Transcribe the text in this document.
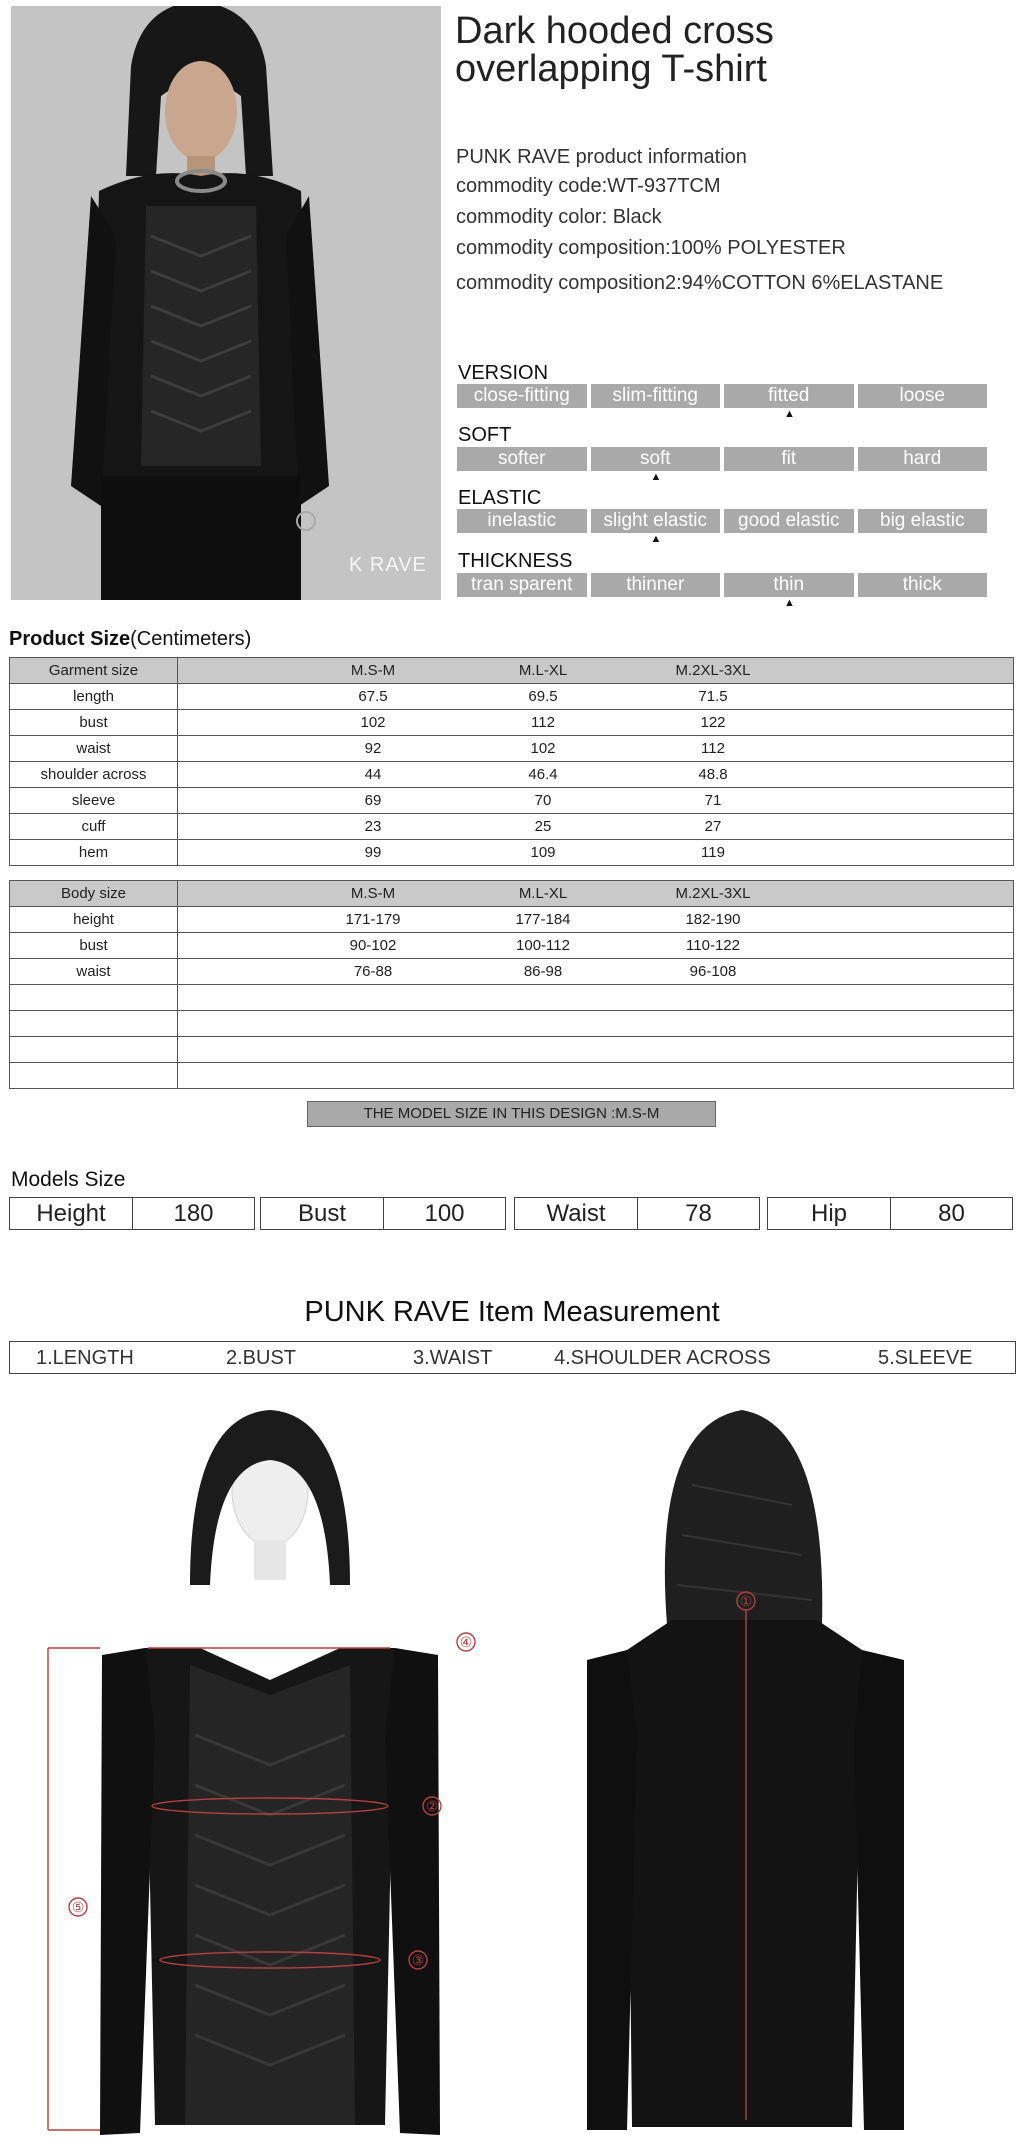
K RAVE
Dark hooded cross
overlapping T-shirt
PUNK RAVE product information
commodity code:WT-937TCM
commodity color: Black
commodity composition:100% POLYESTER
commodity composition2:94%COTTON 6%ELASTANE
VERSION
close-fitting	slim-fitting	fitted	loose
▲
SOFT
softer	soft	fit	hard
▲
ELASTIC
inelastic	slight elastic	good elastic	big elastic
▲
THICKNESS
tran sparent	thinner	thin	thick
▲
Product Size(Centimeters)
Garment size	M.S-M M.L-XL M.2XL-3XL

length	67.5 69.5 71.5

bust	102 112 122

waist	92 102 112

shoulder across	44 46.4 48.8

sleeve	69 70 71

cuff	23 25 27

hem	99 109 119
Body size	M.S-M M.L-XL M.2XL-3XL

height	171-179 177-184 182-190

bust	90-102 100-112 110-122

waist	76-88 86-98 96-108

THE MODEL SIZE IN THIS DESIGN :M.S-M
Models Size
Height	180	Bust	100	Waist	78	Hip	80
PUNK RAVE Item Measurement
1.LENGTH	2.BUST	3.WAIST	4.SHOULDER ACROSS	5.SLEEVE
④
②
③
⑤
①
